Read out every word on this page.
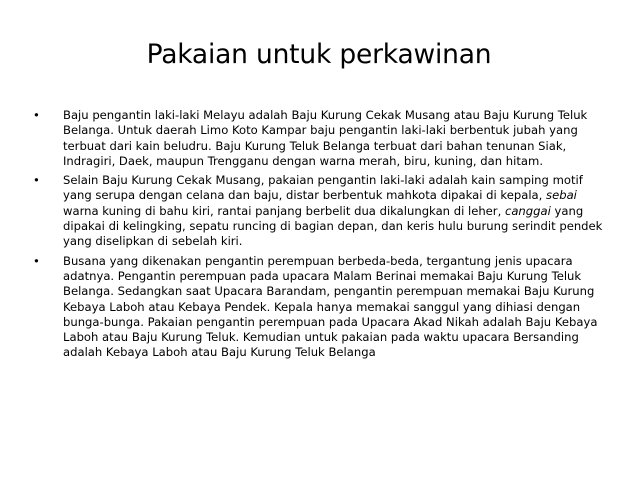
Pakaian untuk perkawinan
•	Baju pengantin laki-laki Melayu adalah Baju Kurung Cekak Musang atau Baju Kurung Teluk Belanga. Untuk daerah Limo Koto Kampar baju pengantin laki-laki berbentuk jubah yang terbuat dari kain beludru. Baju Kurung Teluk Belanga terbuat dari bahan tenunan Siak, Indragiri, Daek, maupun Trengganu dengan warna merah, biru, kuning, dan hitam.
•	Selain Baju Kurung Cekak Musang, pakaian pengantin laki-laki adalah kain samping motif yang serupa dengan celana dan baju, distar berbentuk mahkota dipakai di kepala, sebai warna kuning di bahu kiri, rantai panjang berbelit dua dikalungkan di leher, canggai yang dipakai di kelingking, sepatu runcing di bagian depan, dan keris hulu burung serindit pendek yang diselipkan di sebelah kiri.
•	Busana yang dikenakan pengantin perempuan berbeda-beda, tergantung jenis upacara adatnya. Pengantin perempuan pada upacara Malam Berinai memakai Baju Kurung Teluk Belanga. Sedangkan saat Upacara Barandam, pengantin perempuan memakai Baju Kurung Kebaya Laboh atau Kebaya Pendek. Kepala hanya memakai sanggul yang dihiasi dengan bunga-bunga. Pakaian pengantin perempuan pada Upacara Akad Nikah adalah Baju Kebaya Laboh atau Baju Kurung Teluk. Kemudian untuk pakaian pada waktu upacara Bersanding adalah Kebaya Laboh atau Baju Kurung Teluk Belanga
